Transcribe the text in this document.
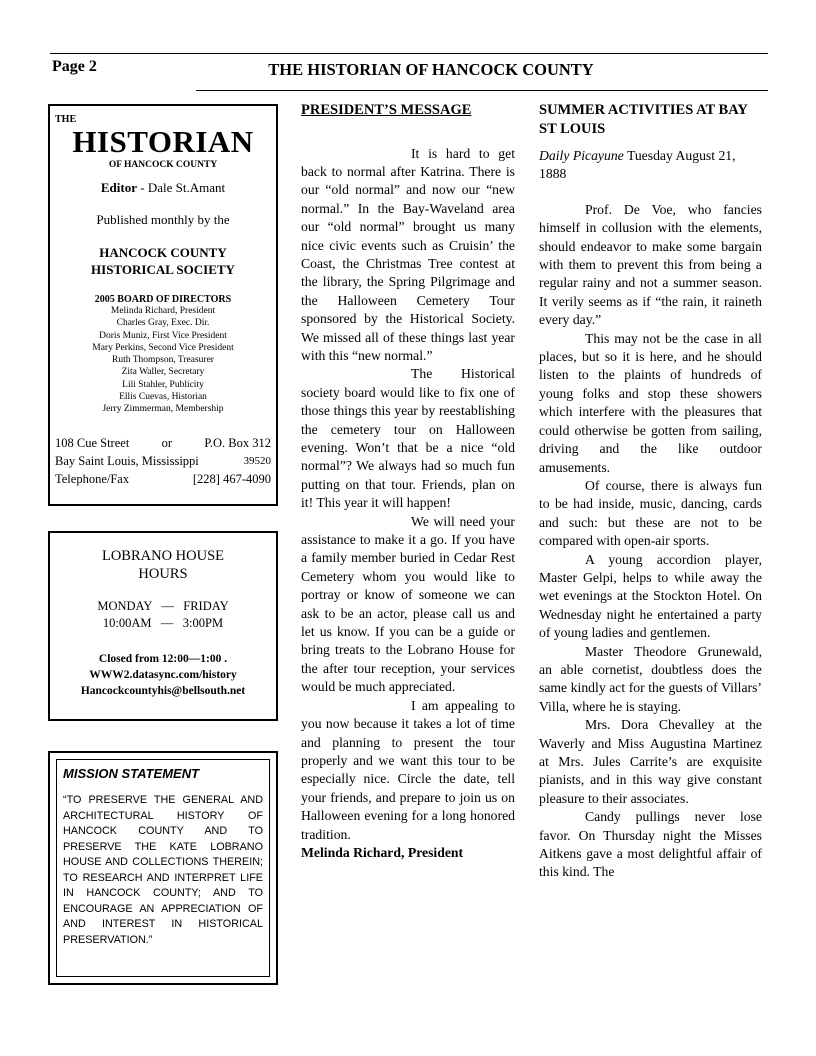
Page 2	THE HISTORIAN OF HANCOCK COUNTY
THE
HISTORIAN
OF HANCOCK COUNTY
Editor - Dale St.Amant
Published monthly by the
HANCOCK COUNTY
HISTORICAL SOCIETY
2005 BOARD OF DIRECTORS
Melinda Richard, President
Charles Gray, Exec. Dir.
Doris Muniz, First Vice President
Mary Perkins, Second Vice President
Ruth Thompson, Treasurer
Zita Waller, Secretary
Lili Stahler, Publicity
Ellis Cuevas, Historian
Jerry Zimmerman, Membership
108 Cue Street	or	P.O. Box 312
Bay Saint Louis, Mississippi	39520
Telephone/Fax	[228] 467-4090
LOBRANO HOUSE
HOURS
MONDAY   —   FRIDAY
10:00AM   —   3:00PM
Closed from 12:00—1:00 .
WWW2.datasync.com/history
Hancockcountyhis@bellsouth.net
MISSION STATEMENT
“TO PRESERVE THE GENERAL AND ARCHITECTURAL HISTORY OF HANCOCK COUNTY AND TO PRESERVE THE KATE LOBRANO HOUSE AND COLLECTIONS THEREIN; TO RESEARCH AND INTERPRET LIFE IN HANCOCK COUNTY; AND TO ENCOURAGE AN APPRECIATION OF AND INTEREST IN HISTORICAL PRESERVATION.”
PRESIDENT’S MESSAGE

It is hard to get back to normal after Katrina. There is our “old normal” and now our “new normal.” In the Bay-Waveland area our “old normal” brought us many nice civic events such as Cruisin’ the Coast, the Christmas Tree contest at the library, the Spring Pilgrimage and the Halloween Cemetery Tour sponsored by the Historical Society. We missed all of these things last year with this “new normal.”

The Historical society board would like to fix one of those things this year by reestablishing the cemetery tour on Halloween evening. Won’t that be a nice “old normal”? We always had so much fun putting on that tour. Friends, plan on it! This year it will happen!

We will need your assistance to make it a go. If you have a family member buried in Cedar Rest Cemetery whom you would like to portray or know of someone we can ask to be an actor, please call us and let us know. If you can be a guide or bring treats to the Lobrano House for the after tour reception, your services would be much appreciated.

I am appealing to you now because it takes a lot of time and planning to present the tour properly and we want this tour to be especially nice. Circle the date, tell your friends, and prepare to join us on Halloween evening for a long honored tradition.

Melinda Richard, President
SUMMER ACTIVITIES AT BAY ST LOUIS
Daily Picayune Tuesday August 21, 1888

Prof. De Voe, who fancies himself in collusion with the elements, should endeavor to make some bargain with them to prevent this from being a regular rainy and not a summer season. It verily seems as if “the rain, it raineth every day.”

This may not be the case in all places, but so it is here, and he should listen to the plaints of hundreds of young folks and stop these showers which interfere with the pleasures that could otherwise be gotten from sailing, driving and the like outdoor amusements.

Of course, there is always fun to be had inside, music, dancing, cards and such: but these are not to be compared with open-air sports.

A young accordion player, Master Gelpi, helps to while away the wet evenings at the Stockton Hotel. On Wednesday night he entertained a party of young ladies and gentlemen.

Master Theodore Grunewald, an able cornetist, doubtless does the same kindly act for the guests of Villars’ Villa, where he is staying.

Mrs. Dora Chevalley at the Waverly and Miss Augustina Martinez at Mrs. Jules Carrite’s are exquisite pianists, and in this way give constant pleasure to their associates.

Candy pullings never lose favor. On Thursday night the Misses Aitkens gave a most delightful affair of this kind. The
